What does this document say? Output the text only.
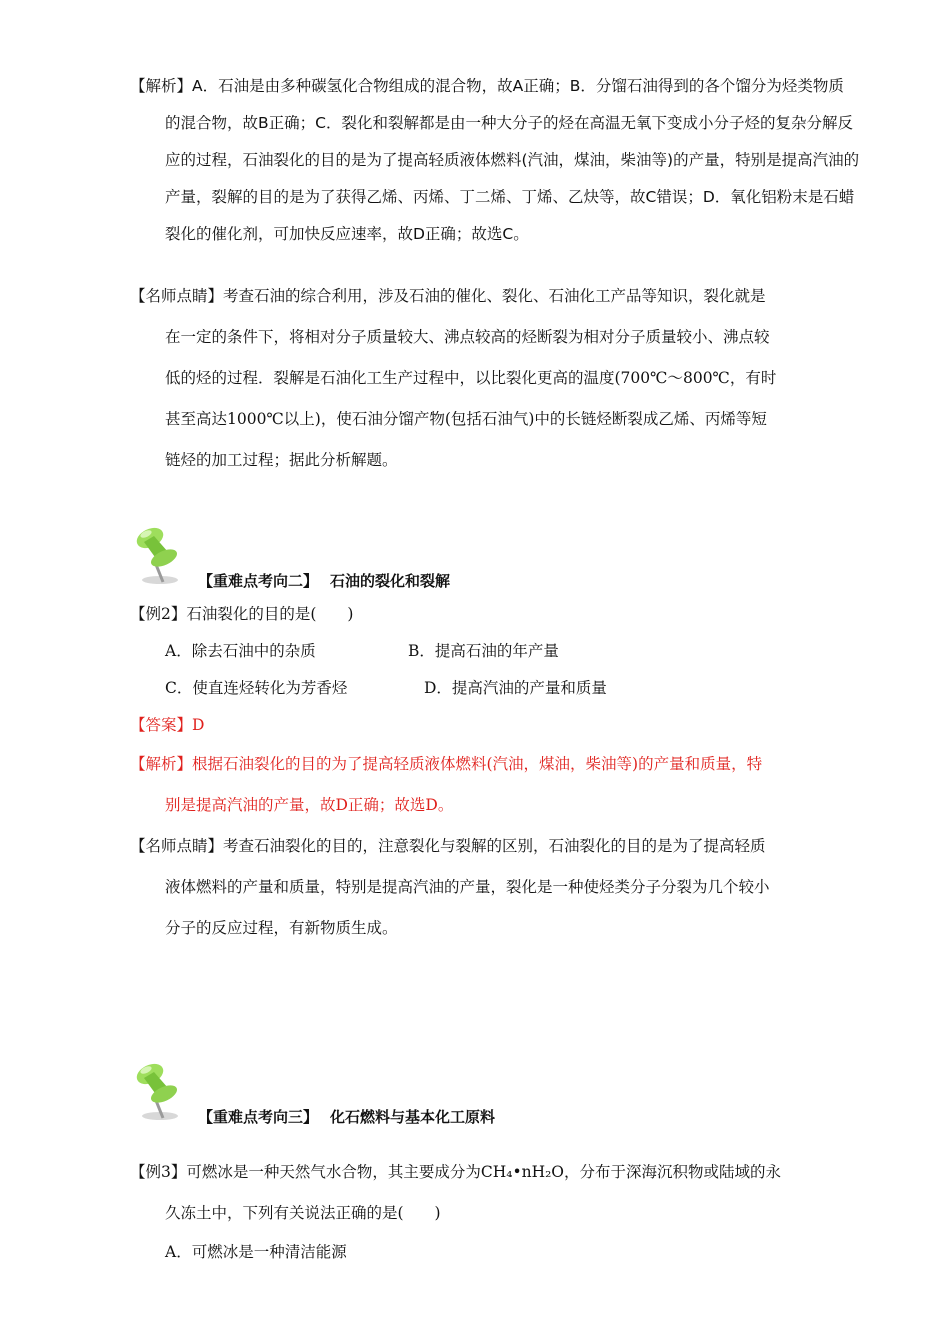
【解析】A．石油是由多种碳氢化合物组成的混合物，故A正确；B．分馏石油得到的各个馏分为烃类物质
的混合物，故B正确；C．裂化和裂解都是由一种大分子的烃在高温无氧下变成小分子烃的复杂分解反
应的过程，石油裂化的目的是为了提高轻质液体燃料(汽油，煤油，柴油等)的产量，特别是提高汽油的
产量，裂解的目的是为了获得乙烯、丙烯、丁二烯、丁烯、乙炔等，故C错误；D．氧化铝粉末是石蜡
裂化的催化剂，可加快反应速率，故D正确；故选C。
【名师点睛】考查石油的综合利用，涉及石油的催化、裂化、石油化工产品等知识，裂化就是
在一定的条件下，将相对分子质量较大、沸点较高的烃断裂为相对分子质量较小、沸点较
低的烃的过程．裂解是石油化工生产过程中，以比裂化更高的温度(700℃～800℃，有时
甚至高达1000℃以上)，使石油分馏产物(包括石油气)中的长链烃断裂成乙烯、丙烯等短
链烃的加工过程；据此分析解题。
【重难点考向二】 石油的裂化和裂解
【例2】石油裂化的目的是(　　)
A．除去石油中的杂质	B．提高石油的年产量
C．使直连烃转化为芳香烃	D．提高汽油的产量和质量
【答案】D
【解析】根据石油裂化的目的为了提高轻质液体燃料(汽油，煤油，柴油等)的产量和质量，特
别是提高汽油的产量，故D正确；故选D。
【名师点睛】考查石油裂化的目的，注意裂化与裂解的区别，石油裂化的目的是为了提高轻质
液体燃料的产量和质量，特别是提高汽油的产量，裂化是一种使烃类分子分裂为几个较小
分子的反应过程，有新物质生成。
【重难点考向三】 化石燃料与基本化工原料
【例3】可燃冰是一种天然气水合物，其主要成分为CH₄•nH₂O，分布于深海沉积物或陆域的永
久冻土中，下列有关说法正确的是(　　)
A．可燃冰是一种清洁能源
